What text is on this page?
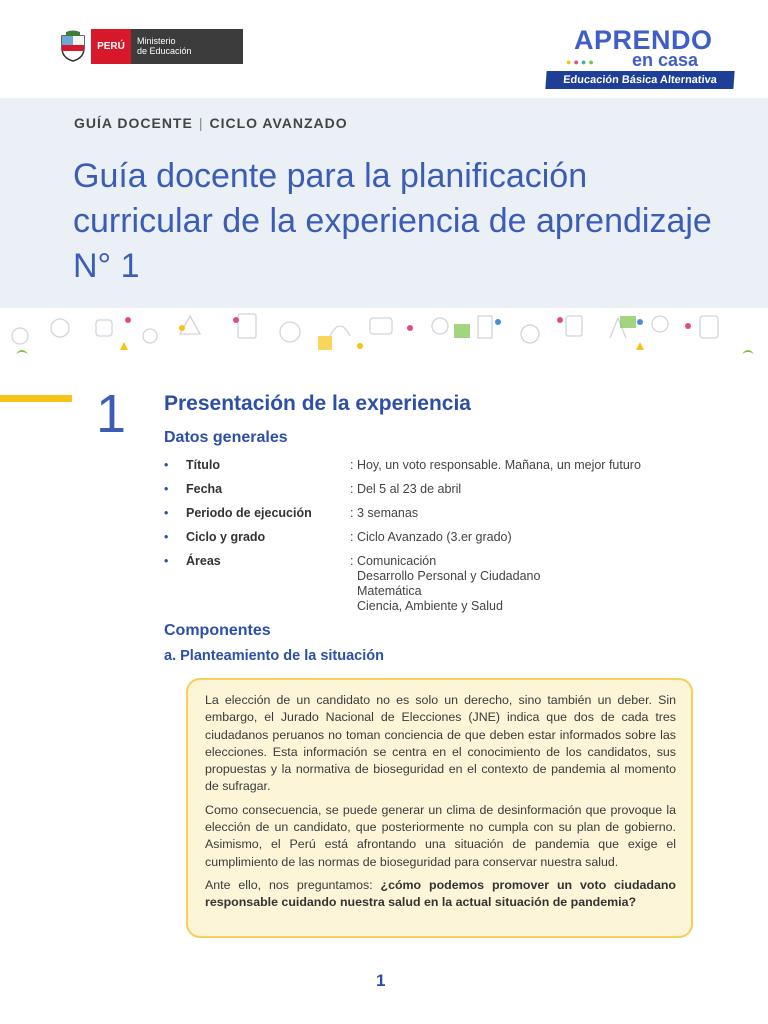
PERÚ	Ministerio
de Educación	APRENDO
●●●● en casa
Educación Básica Alternativa
GUÍA DOCENTE | CICLO AVANZADO
Guía docente para la planificación curricular de la experiencia de aprendizaje N° 1
1 Presentación de la experiencia
Datos generales
• Título	: Hoy, un voto responsable. Mañana, un mejor futuro
• Fecha	: Del 5 al 23 de abril
• Periodo de ejecución	: 3 semanas
• Ciclo y grado	: Ciclo Avanzado (3.er grado)
• Áreas	: Comunicación
Desarrollo Personal y Ciudadano
Matemática
Ciencia, Ambiente y Salud
Componentes
a. Planteamiento de la situación

La elección de un candidato no es solo un derecho, sino también un deber. Sin embargo, el Jurado Nacional de Elecciones (JNE) indica que dos de cada tres ciudadanos peruanos no toman conciencia de que deben estar informados sobre las elecciones. Esta información se centra en el conocimiento de los candidatos, sus propuestas y la normativa de bioseguridad en el contexto de pandemia al momento de sufragar.

Como consecuencia, se puede generar un clima de desinformación que provoque la elección de un candidato, que posteriormente no cumpla con su plan de gobierno. Asimismo, el Perú está afrontando una situación de pandemia que exige el cumplimiento de las normas de bioseguridad para conservar nuestra salud.

Ante ello, nos preguntamos: ¿cómo podemos promover un voto ciudadano responsable cuidando nuestra salud en la actual situación de pandemia?

1
